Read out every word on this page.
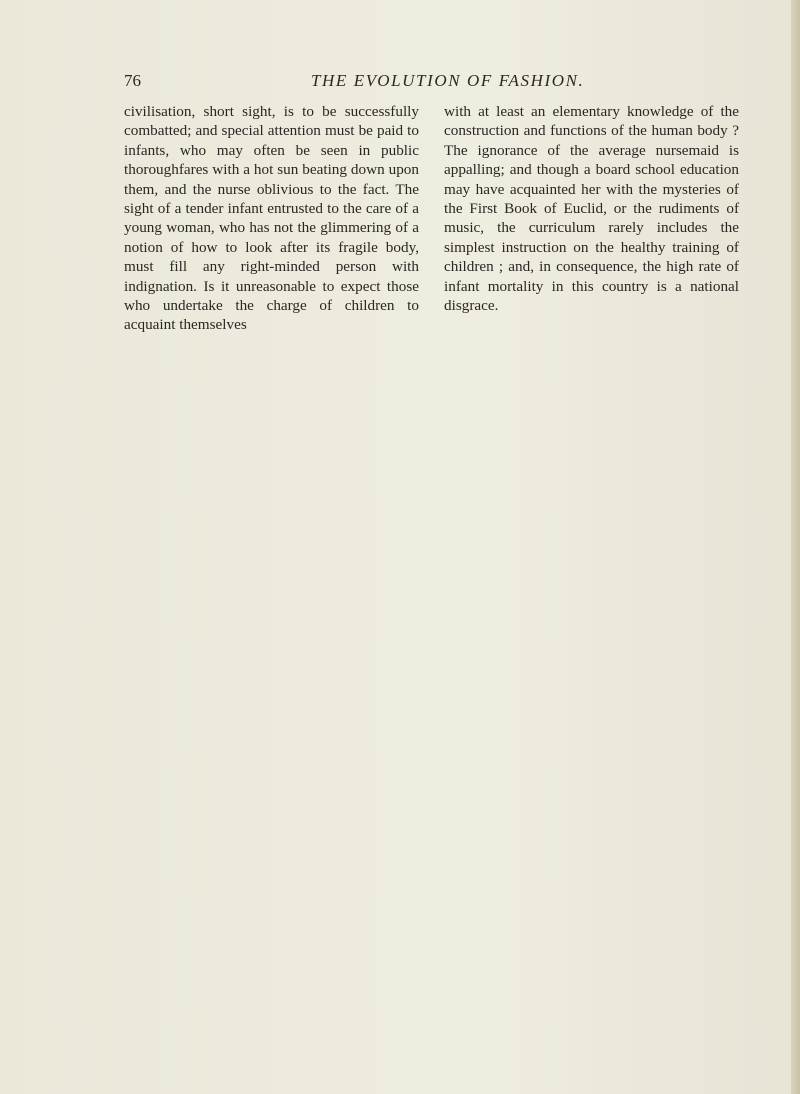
76	THE EVOLUTION OF FASHION.

civilisation, short sight, is to be successfully combatted; and special attention must be paid to infants, who may often be seen in public thoroughfares with a hot sun beating down upon them, and the nurse oblivious to the fact. The sight of a tender infant entrusted to the care of a young woman, who has not the glimmering of a notion of how to look after its fragile body, must fill any right-minded person with indignation. Is it unreasonable to expect those who undertake the charge of children to acquaint themselves

with at least an elementary knowledge of the construction and functions of the human body ? The ignorance of the average nursemaid is appalling; and though a board school education may have acquainted her with the mysteries of the First Book of Euclid, or the rudiments of music, the curriculum rarely includes the simplest instruction on the healthy training of children ; and, in consequence, the high rate of infant mortality in this country is a national disgrace.
